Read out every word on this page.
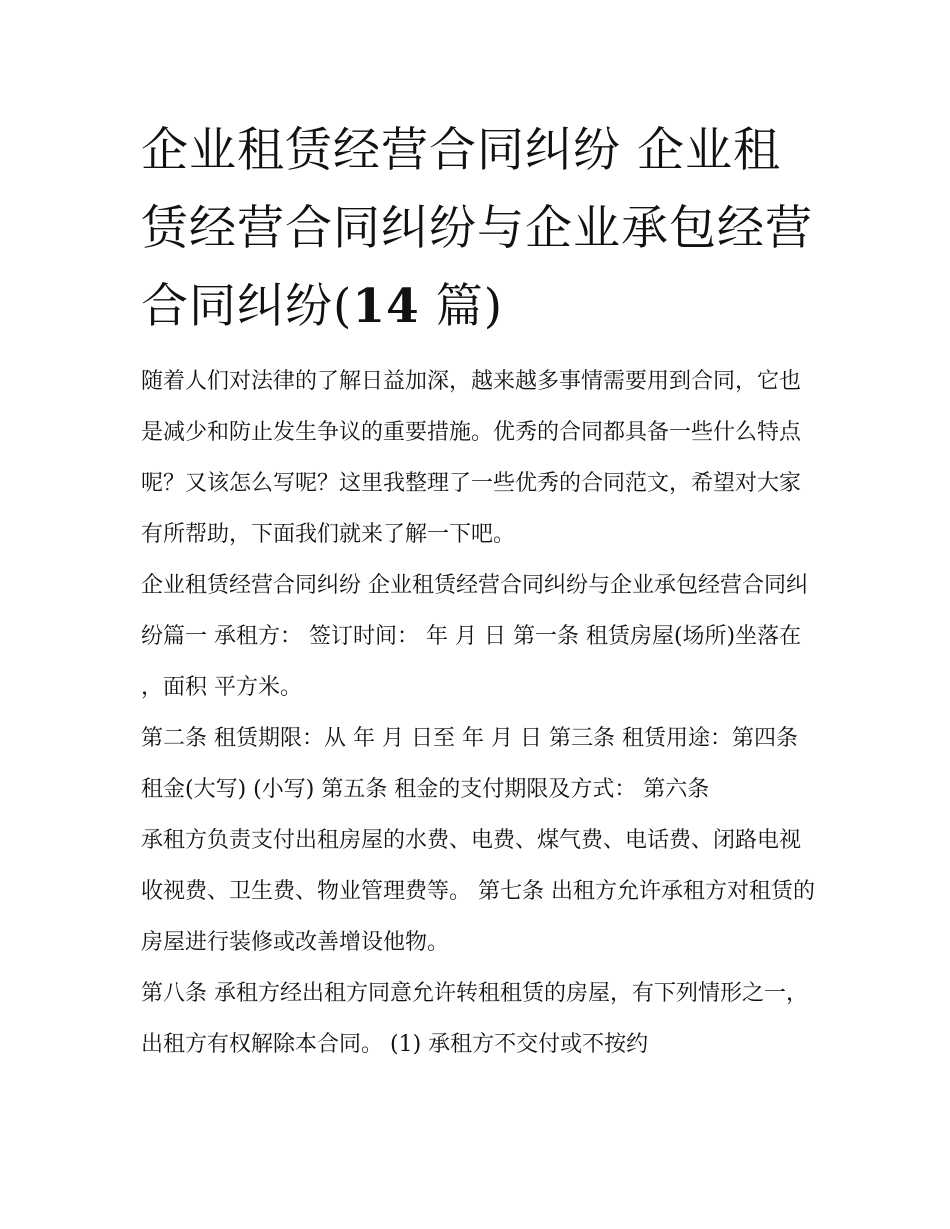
企业租赁经营合同纠纷 企业租赁经营合同纠纷与企业承包经营合同纠纷(14 篇)

随着人们对法律的了解日益加深，越来越多事情需要用到合同，它也是减少和防止发生争议的重要措施。优秀的合同都具备一些什么特点呢？又该怎么写呢？这里我整理了一些优秀的合同范文，希望对大家有所帮助，下面我们就来了解一下吧。

企业租赁经营合同纠纷 企业租赁经营合同纠纷与企业承包经营合同纠纷篇一 承租方： 签订时间： 年 月 日 第一条 租赁房屋(场所)坐落在 ，面积 平方米。

第二条 租赁期限：从 年 月 日至 年 月 日 第三条 租赁用途：第四条 租金(大写) (小写) 第五条 租金的支付期限及方式： 第六条

承租方负责支付出租房屋的水费、电费、煤气费、电话费、闭路电视收视费、卫生费、物业管理费等。 第七条 出租方允许承租方对租赁的房屋进行装修或改善增设他物。

第八条 承租方经出租方同意允许转租租赁的房屋，有下列情形之一，出租方有权解除本合同。 (1) 承租方不交付或不按约
